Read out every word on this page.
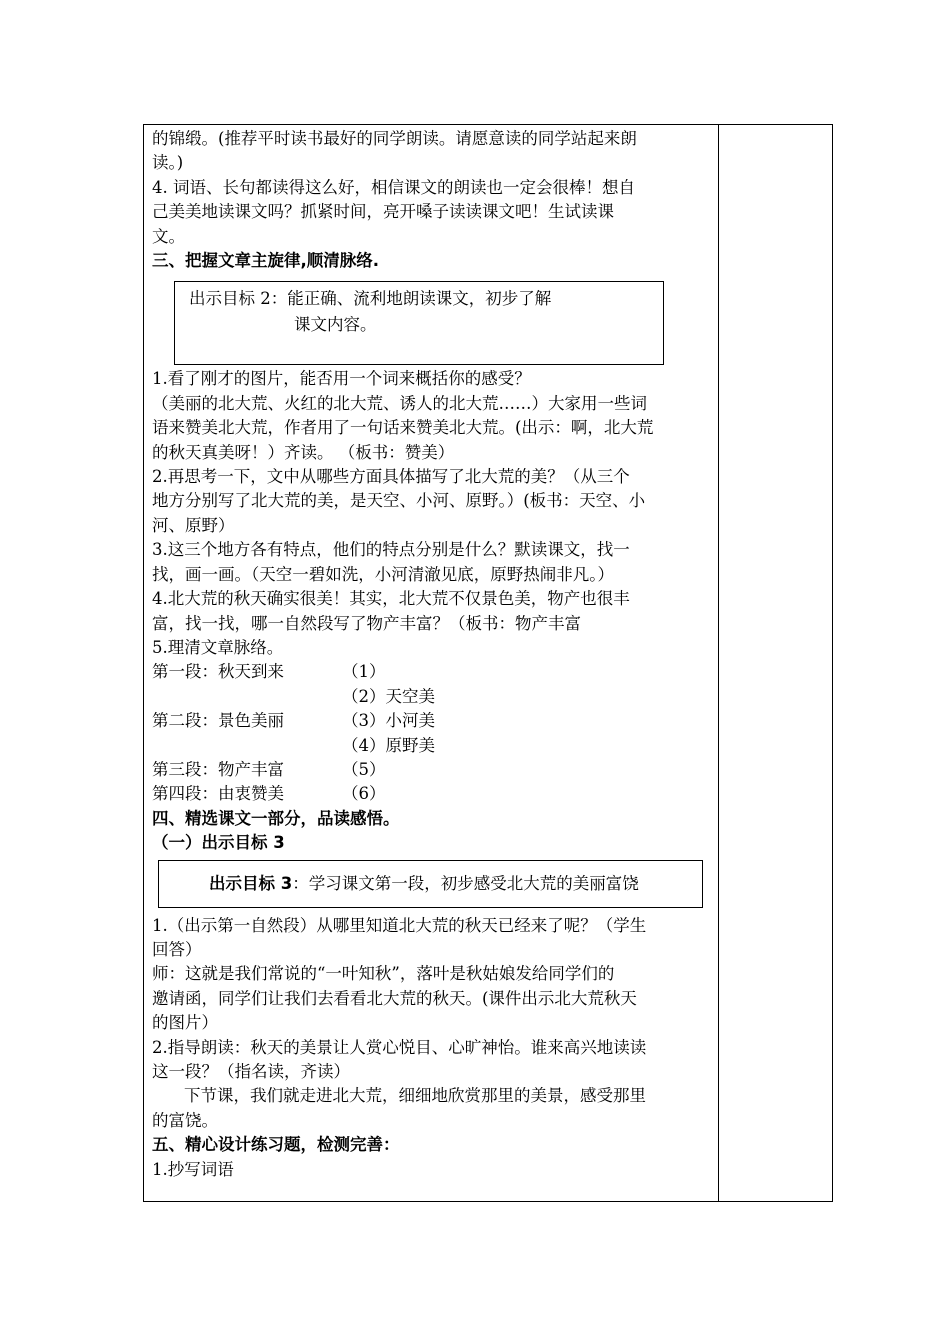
的锦缎。(推荐平时读书最好的同学朗读。请愿意读的同学站起来朗

读。)

4. 词语、长句都读得这么好，相信课文的朗读也一定会很棒！想自

己美美地读课文吗？抓紧时间，亮开嗓子读读课文吧！生试读课

文。

三、把握文章主旋律,顺清脉络.

出示目标 2：能正确、流利地朗读课文，初步了解

课文内容。

1.看了刚才的图片，能否用一个词来概括你的感受？

（美丽的北大荒、火红的北大荒、诱人的北大荒……）大家用一些词

语来赞美北大荒，作者用了一句话来赞美北大荒。(出示：啊，北大荒

的秋天真美呀！）齐读。 （板书：赞美）

2.再思考一下，文中从哪些方面具体描写了北大荒的美？（从三个

地方分别写了北大荒的美，是天空、小河、原野。）(板书：天空、小

河、原野）

3.这三个地方各有特点，他们的特点分别是什么？默读课文，找一

找，画一画。（天空一碧如洗，小河清澈见底，原野热闹非凡。）

4.北大荒的秋天确实很美！其实，北大荒不仅景色美，物产也很丰

富，找一找，哪一自然段写了物产丰富？（板书：物产丰富

5.理清文章脉络。

第一段：秋天到来	（1）

（2）天空美

第二段：景色美丽	（3）小河美

（4）原野美

第三段：物产丰富	（5）

第四段：由衷赞美	（6）

四、精选课文一部分，品读感悟。

（一）出示目标 3

出示目标 3：学习课文第一段，初步感受北大荒的美丽富饶

1.（出示第一自然段）从哪里知道北大荒的秋天已经来了呢？（学生

回答）

师：这就是我们常说的“一叶知秋”，落叶是秋姑娘发给同学们的

邀请函，同学们让我们去看看北大荒的秋天。(课件出示北大荒秋天

的图片）

2.指导朗读：秋天的美景让人赏心悦目、心旷神怡。谁来高兴地读读

这一段？（指名读，齐读）

下节课，我们就走进北大荒，细细地欣赏那里的美景，感受那里

的富饶。

五、精心设计练习题，检测完善：

1.抄写词语
